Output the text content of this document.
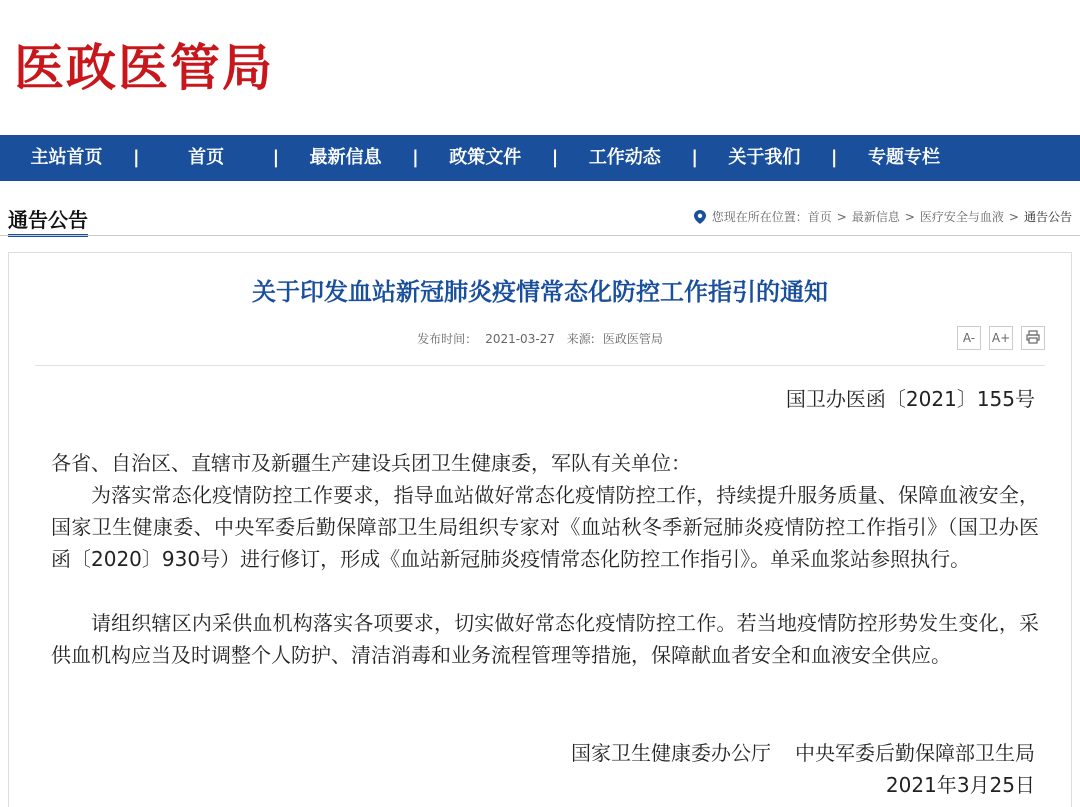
医政医管局
主站首页	|	首页	|	最新信息	|	政策文件	|	工作动态	|	关于我们	|	专题专栏
通告公告	您现在所在位置： 首页 > 最新信息 > 医疗安全与血液 > 通告公告
关于印发血站新冠肺炎疫情常态化防控工作指引的通知
发布时间： 2021-03-27 来源: 医政医管局	A- A+
国卫办医函〔2021〕155号

各省、自治区、直辖市及新疆生产建设兵团卫生健康委，军队有关单位：

为落实常态化疫情防控工作要求，指导血站做好常态化疫情防控工作，持续提升服务质量、保障血液安全，国家卫生健康委、中央军委后勤保障部卫生局组织专家对《血站秋冬季新冠肺炎疫情防控工作指引》（国卫办医函〔2020〕930号）进行修订，形成《血站新冠肺炎疫情常态化防控工作指引》。单采血浆站参照执行。

请组织辖区内采供血机构落实各项要求，切实做好常态化疫情防控工作。若当地疫情防控形势发生变化，采供血机构应当及时调整个人防护、清洁消毒和业务流程管理等措施，保障献血者安全和血液安全供应。

国家卫生健康委办公厅 中央军委后勤保障部卫生局
2021年3月25日
